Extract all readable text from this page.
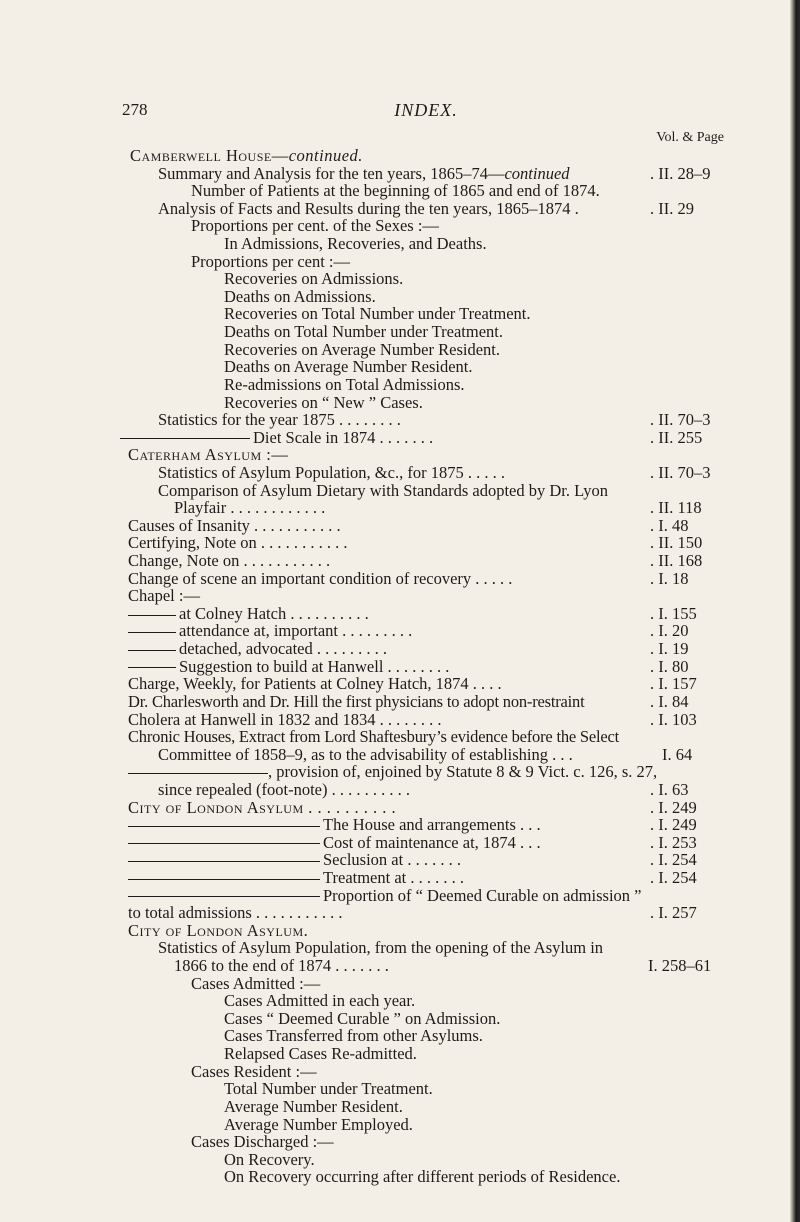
278	INDEX.
Vol. & Page
Camberwell House—continued.
Summary and Analysis for the ten years, 1865–74—continued	. II. 28–9
Number of Patients at the beginning of 1865 and end of 1874.
Analysis of Facts and Results during the ten years, 1865–1874 .	. II. 29
Proportions per cent. of the Sexes :—
In Admissions, Recoveries, and Deaths.
Proportions per cent :—
Recoveries on Admissions.
Deaths on Admissions.
Recoveries on Total Number under Treatment.
Deaths on Total Number under Treatment.
Recoveries on Average Number Resident.
Deaths on Average Number Resident.
Re-admissions on Total Admissions.
Recoveries on “ New ” Cases.
Statistics for the year 1875 . . . . . . . .	. II. 70–3
Diet Scale in 1874 . . . . . . .	. II. 255
Caterham Asylum :—
Statistics of Asylum Population, &c., for 1875 . . . . .	. II. 70–3
Comparison of Asylum Dietary with Standards adopted by Dr. Lyon
Playfair . . . . . . . . . . . .	. II. 118
Causes of Insanity . . . . . . . . . . .	. I. 48
Certifying, Note on . . . . . . . . . . .	. II. 150
Change, Note on . . . . . . . . . . .	. II. 168
Change of scene an important condition of recovery . . . . .	. I. 18
Chapel :—
at Colney Hatch . . . . . . . . . .	. I. 155
attendance at, important . . . . . . . . .	. I. 20
detached, advocated . . . . . . . . .	. I. 19
Suggestion to build at Hanwell . . . . . . . .	. I. 80
Charge, Weekly, for Patients at Colney Hatch, 1874 . . . .	. I. 157
Dr. Charlesworth and Dr. Hill the first physicians to adopt non-restraint	. I. 84
Cholera at Hanwell in 1832 and 1834 . . . . . . . .	. I. 103
Chronic Houses, Extract from Lord Shaftesbury’s evidence before the Select
Committee of 1858–9, as to the advisability of establishing . . .	I. 64
, provision of, enjoined by Statute 8 & 9 Vict. c. 126, s. 27,
since repealed (foot-note) . . . . . . . . . .	. I. 63
City of London Asylum . . . . . . . . . .	. I. 249
The House and arrangements . . .	. I. 249
Cost of maintenance at, 1874 . . .	. I. 253
Seclusion at . . . . . . .	. I. 254
Treatment at . . . . . . .	. I. 254
Proportion of “ Deemed Curable on admission ”
to total admissions . . . . . . . . . . .	. I. 257
City of London Asylum.
Statistics of Asylum Population, from the opening of the Asylum in
1866 to the end of 1874 . . . . . . .	I. 258–61
Cases Admitted :—
Cases Admitted in each year.
Cases “ Deemed Curable ” on Admission.
Cases Transferred from other Asylums.
Relapsed Cases Re-admitted.
Cases Resident :—
Total Number under Treatment.
Average Number Resident.
Average Number Employed.
Cases Discharged :—
On Recovery.
On Recovery occurring after different periods of Residence.
